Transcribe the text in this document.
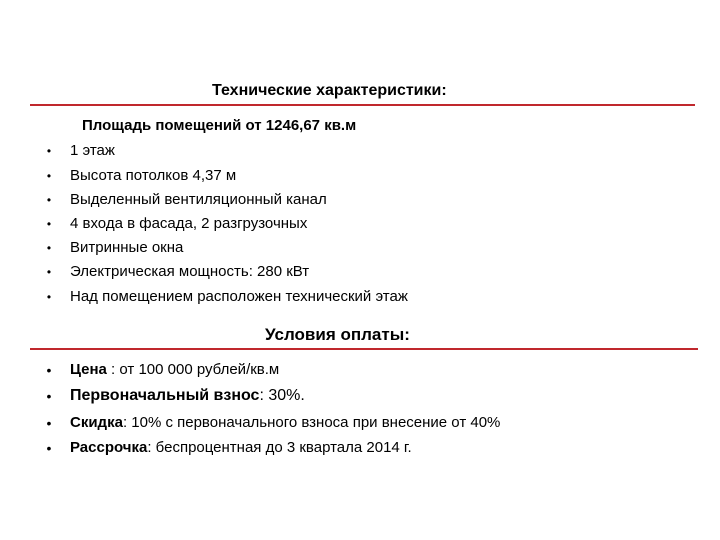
Технические характеристики:
Площадь помещений от 1246,67 кв.м
•	1 этаж
•	Высота потолков 4,37 м
•	Выделенный вентиляционный канал
•	4 входа в фасада, 2 разгрузочных
•	Витринные окна
•	Электрическая мощность: 280 кВт
•	Над помещением расположен технический этаж
Условия оплаты:
•	Цена : от 100 000 рублей/кв.м
• Первоначальный взнос: 30%.
•	Скидка: 10% с первоначального взноса при внесение от 40%
•	Рассрочка: беспроцентная до 3 квартала 2014 г.
